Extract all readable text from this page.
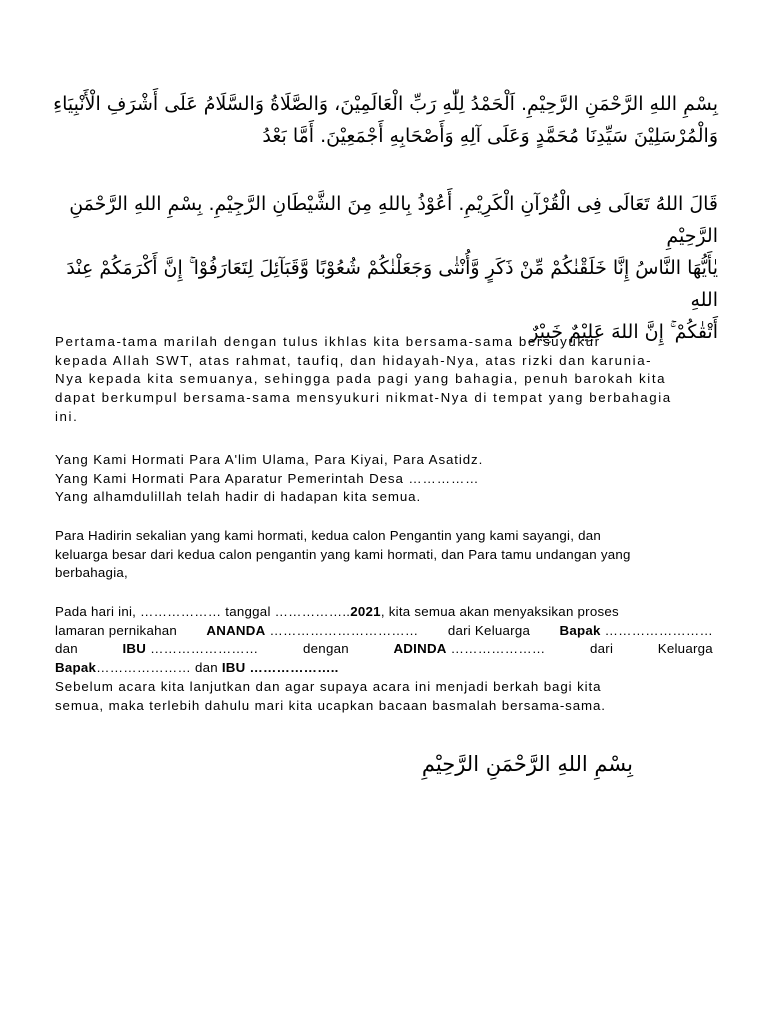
بِسْمِ اللهِ الرَّحْمَنِ الرَّحِيْمِ. اَلْحَمْدُ لِلّٰهِ رَبِّ الْعَالَمِيْنَ، وَالصَّلَاةُ وَالسَّلَامُ عَلَى أَشْرَفِ الْأَنْبِيَاءِ
وَالْمُرْسَلِيْنَ سَيِّدِنَا مُحَمَّدٍ وَعَلَى آلِهِ وَأَصْحَابِهِ أَجْمَعِيْنَ. أَمَّا بَعْدُ
قَالَ اللهُ تَعَالَى فِى الْقُرْآنِ الْكَرِيْمِ. أَعُوْذُ بِاللهِ مِنَ الشَّيْطَانِ الرَّجِيْمِ. بِسْمِ اللهِ الرَّحْمَنِ الرَّحِيْمِ
يٰأَيُّهَا النَّاسُ إِنَّا خَلَقْنٰكُمْ مِّنْ ذَكَرٍ وَّأُنْثٰى وَجَعَلْنٰكُمْ شُعُوْبًا وَّقَبَآئِلَ لِتَعَارَفُوْا ۚ إِنَّ أَكْرَمَكُمْ عِنْدَ اللهِ
أَتْقٰكُمْ ۚ إِنَّ اللهَ عَلِيْمٌ خَبِيْرٌ
Pertama-tama marilah dengan tulus ikhlas kita bersama-sama bersuyukur
kepada Allah SWT, atas rahmat, taufiq, dan hidayah-Nya, atas rizki dan karunia-
Nya kepada kita semuanya, sehingga pada pagi yang bahagia, penuh barokah kita
dapat berkumpul bersama-sama mensyukuri nikmat-Nya di tempat yang berbahagia
ini.
Yang Kami Hormati Para A'lim Ulama, Para Kiyai, Para Asatidz.
Yang Kami Hormati Para Aparatur Pemerintah Desa ……………
Yang alhamdulillah telah hadir di hadapan kita semua.
Para Hadirin sekalian yang kami hormati, kedua calon Pengantin yang kami sayangi, dan
keluarga besar dari kedua calon pengantin yang kami hormati, dan Para tamu undangan yang
berbahagia,
Pada hari ini, ……………… tanggal ……………..2021, kita semua akan menyaksikan proses
lamaran pernikahan ANANDA …………………………… dari Keluarga Bapak ……………………
dan	IBU ……………………	dengan	ADINDA …………………	dari	Keluarga
Bapak………………… dan IBU ………………..
Sebelum acara kita lanjutkan dan agar supaya acara ini menjadi berkah bagi kita
semua, maka terlebih dahulu mari kita ucapkan bacaan basmalah bersama-sama.
بِسْمِ اللهِ الرَّحْمَنِ الرَّحِيْمِ
